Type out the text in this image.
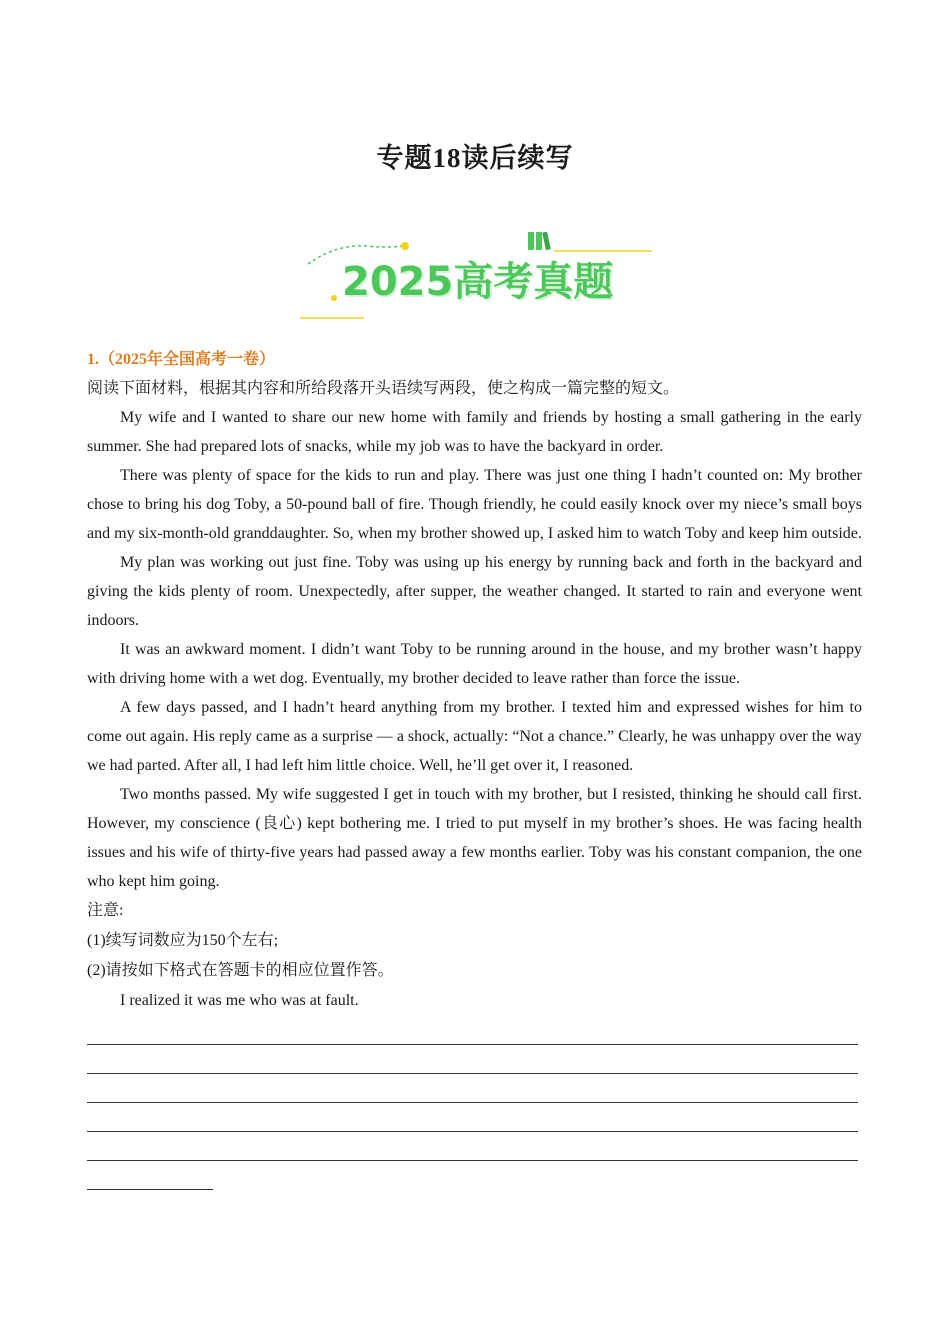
专题18读后续写
2025高考真题

1.（2025年全国高考一卷）

阅读下面材料，根据其内容和所给段落开头语续写两段，使之构成一篇完整的短文。

My wife and I wanted to share our new home with family and friends by hosting a small gathering in the early summer. She had prepared lots of snacks, while my job was to have the backyard in order.

There was plenty of space for the kids to run and play. There was just one thing I hadn’t counted on: My brother chose to bring his dog Toby, a 50-pound ball of fire. Though friendly, he could easily knock over my niece’s small boys and my six-month-old granddaughter. So, when my brother showed up, I asked him to watch Toby and keep him outside.

My plan was working out just fine. Toby was using up his energy by running back and forth in the backyard and giving the kids plenty of room. Unexpectedly, after supper, the weather changed. It started to rain and everyone went indoors.

It was an awkward moment. I didn’t want Toby to be running around in the house, and my brother wasn’t happy with driving home with a wet dog. Eventually, my brother decided to leave rather than force the issue.

A few days passed, and I hadn’t heard anything from my brother. I texted him and expressed wishes for him to come out again. His reply came as a surprise — a shock, actually: “Not a chance.” Clearly, he was unhappy over the way we had parted. After all, I had left him little choice. Well, he’ll get over it, I reasoned.

Two months passed. My wife suggested I get in touch with my brother, but I resisted, thinking he should call first. However, my conscience (良心) kept bothering me. I tried to put myself in my brother’s shoes. He was facing health issues and his wife of thirty-five years had passed away a few months earlier. Toby was his constant companion, the one who kept him going.

注意:

(1)续写词数应为150个左右;

(2)请按如下格式在答题卡的相应位置作答。

I realized it was me who was at fault.
